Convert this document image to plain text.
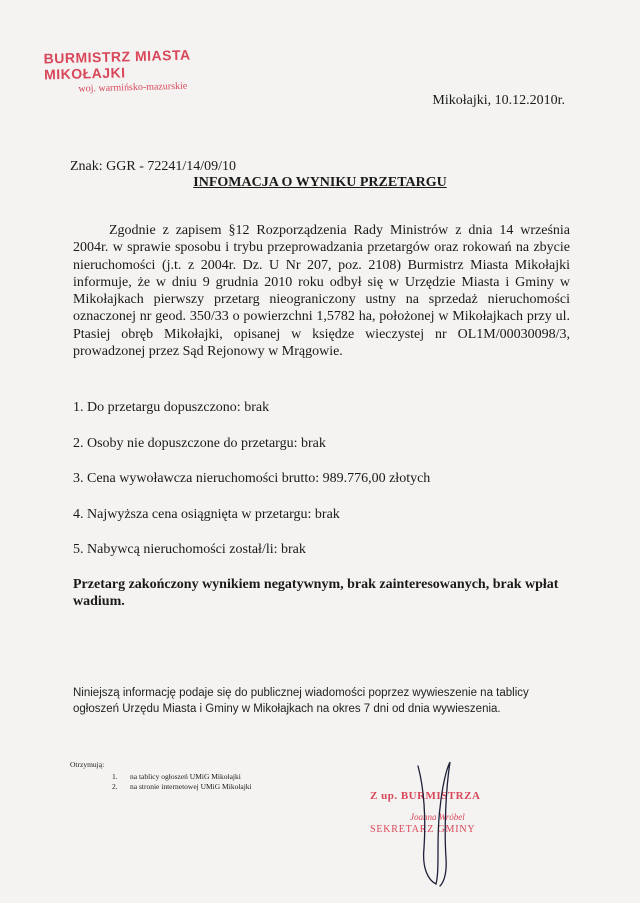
BURMISTRZ MIASTA MIKOŁAJKI
woj. warmińsko-mazurskie
Mikołajki, 10.12.2010r.
Znak: GGR - 72241/14/09/10
INFOMACJA O WYNIKU PRZETARGU
Zgodnie z zapisem §12 Rozporządzenia Rady Ministrów z dnia 14 września 2004r. w sprawie sposobu i trybu przeprowadzania przetargów oraz rokowań na zbycie nieruchomości (j.t. z 2004r. Dz. U Nr 207, poz. 2108) Burmistrz Miasta Mikołajki informuje, że w dniu 9 grudnia 2010 roku odbył się w Urzędzie Miasta i Gminy w Mikołajkach pierwszy przetarg nieograniczony ustny na sprzedaż nieruchomości oznaczonej nr geod. 350/33 o powierzchni 1,5782 ha, położonej w Mikołajkach przy ul. Ptasiej obręb Mikołajki, opisanej w księdze wieczystej nr OL1M/00030098/3, prowadzonej przez Sąd Rejonowy w Mrągowie.
1. Do przetargu dopuszczono: brak
2. Osoby nie dopuszczone do przetargu: brak
3. Cena wywoławcza nieruchomości brutto: 989.776,00 złotych
4. Najwyższa cena osiągnięta w przetargu: brak
5. Nabywcą nieruchomości został/li: brak
Przetarg zakończony wynikiem negatywnym, brak zainteresowanych, brak wpłat wadium.
Niniejszą informację podaje się do publicznej wiadomości poprzez wywieszenie na tablicy ogłoszeń Urzędu Miasta i Gminy w Mikołajkach na okres 7 dni od dnia wywieszenia.
Otrzymują:
1. na tablicy ogłoszeń UMiG Mikołajki
2. na stronie internetowej UMiG Mikołajki
Z up. BURMISTRZA
Joanna Wróbel
SEKRETARZ GMINY
